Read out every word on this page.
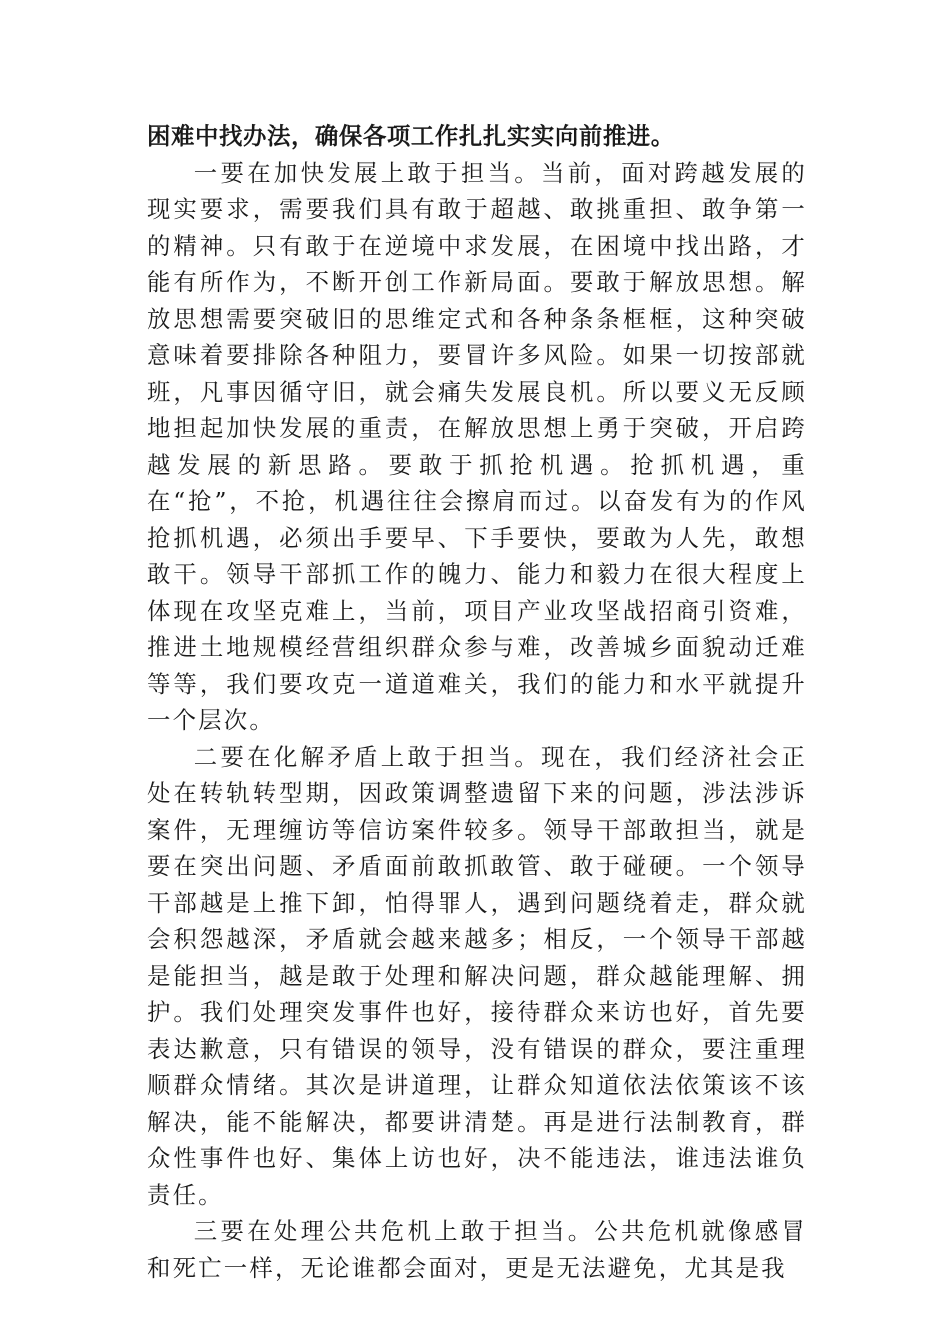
困难中找办法，确保各项工作扎扎实实向前推进。

一要在加快发展上敢于担当。当前，面对跨越发展的现实要求，需要我们具有敢于超越、敢挑重担、敢争第一的精神。只有敢于在逆境中求发展，在困境中找出路，才能有所作为，不断开创工作新局面。要敢于解放思想。解放思想需要突破旧的思维定式和各种条条框框，这种突破意味着要排除各种阻力，要冒许多风险。如果一切按部就班，凡事因循守旧，就会痛失发展良机。所以要义无反顾地担起加快发展的重责，在解放思想上勇于突破，开启跨越发展的新思路。要敢于抓抢机遇。抢抓机遇，重在“抢”，不抢，机遇往往会擦肩而过。以奋发有为的作风抢抓机遇，必须出手要早、下手要快，要敢为人先，敢想敢干。领导干部抓工作的魄力、能力和毅力在很大程度上体现在攻坚克难上，当前，项目产业攻坚战招商引资难，推进土地规模经营组织群众参与难，改善城乡面貌动迁难等等，我们要攻克一道道难关，我们的能力和水平就提升一个层次。

二要在化解矛盾上敢于担当。现在，我们经济社会正处在转轨转型期，因政策调整遗留下来的问题，涉法涉诉案件，无理缠访等信访案件较多。领导干部敢担当，就是要在突出问题、矛盾面前敢抓敢管、敢于碰硬。一个领导干部越是上推下卸，怕得罪人，遇到问题绕着走，群众就会积怨越深，矛盾就会越来越多；相反，一个领导干部越是能担当，越是敢于处理和解决问题，群众越能理解、拥护。我们处理突发事件也好，接待群众来访也好，首先要表达歉意，只有错误的领导，没有错误的群众，要注重理顺群众情绪。其次是讲道理，让群众知道依法依策该不该解决，能不能解决，都要讲清楚。再是进行法制教育，群众性事件也好、集体上访也好，决不能违法，谁违法谁负责任。

三要在处理公共危机上敢于担当。公共危机就像感冒和死亡一样，无论谁都会面对，更是无法避免，尤其是我
